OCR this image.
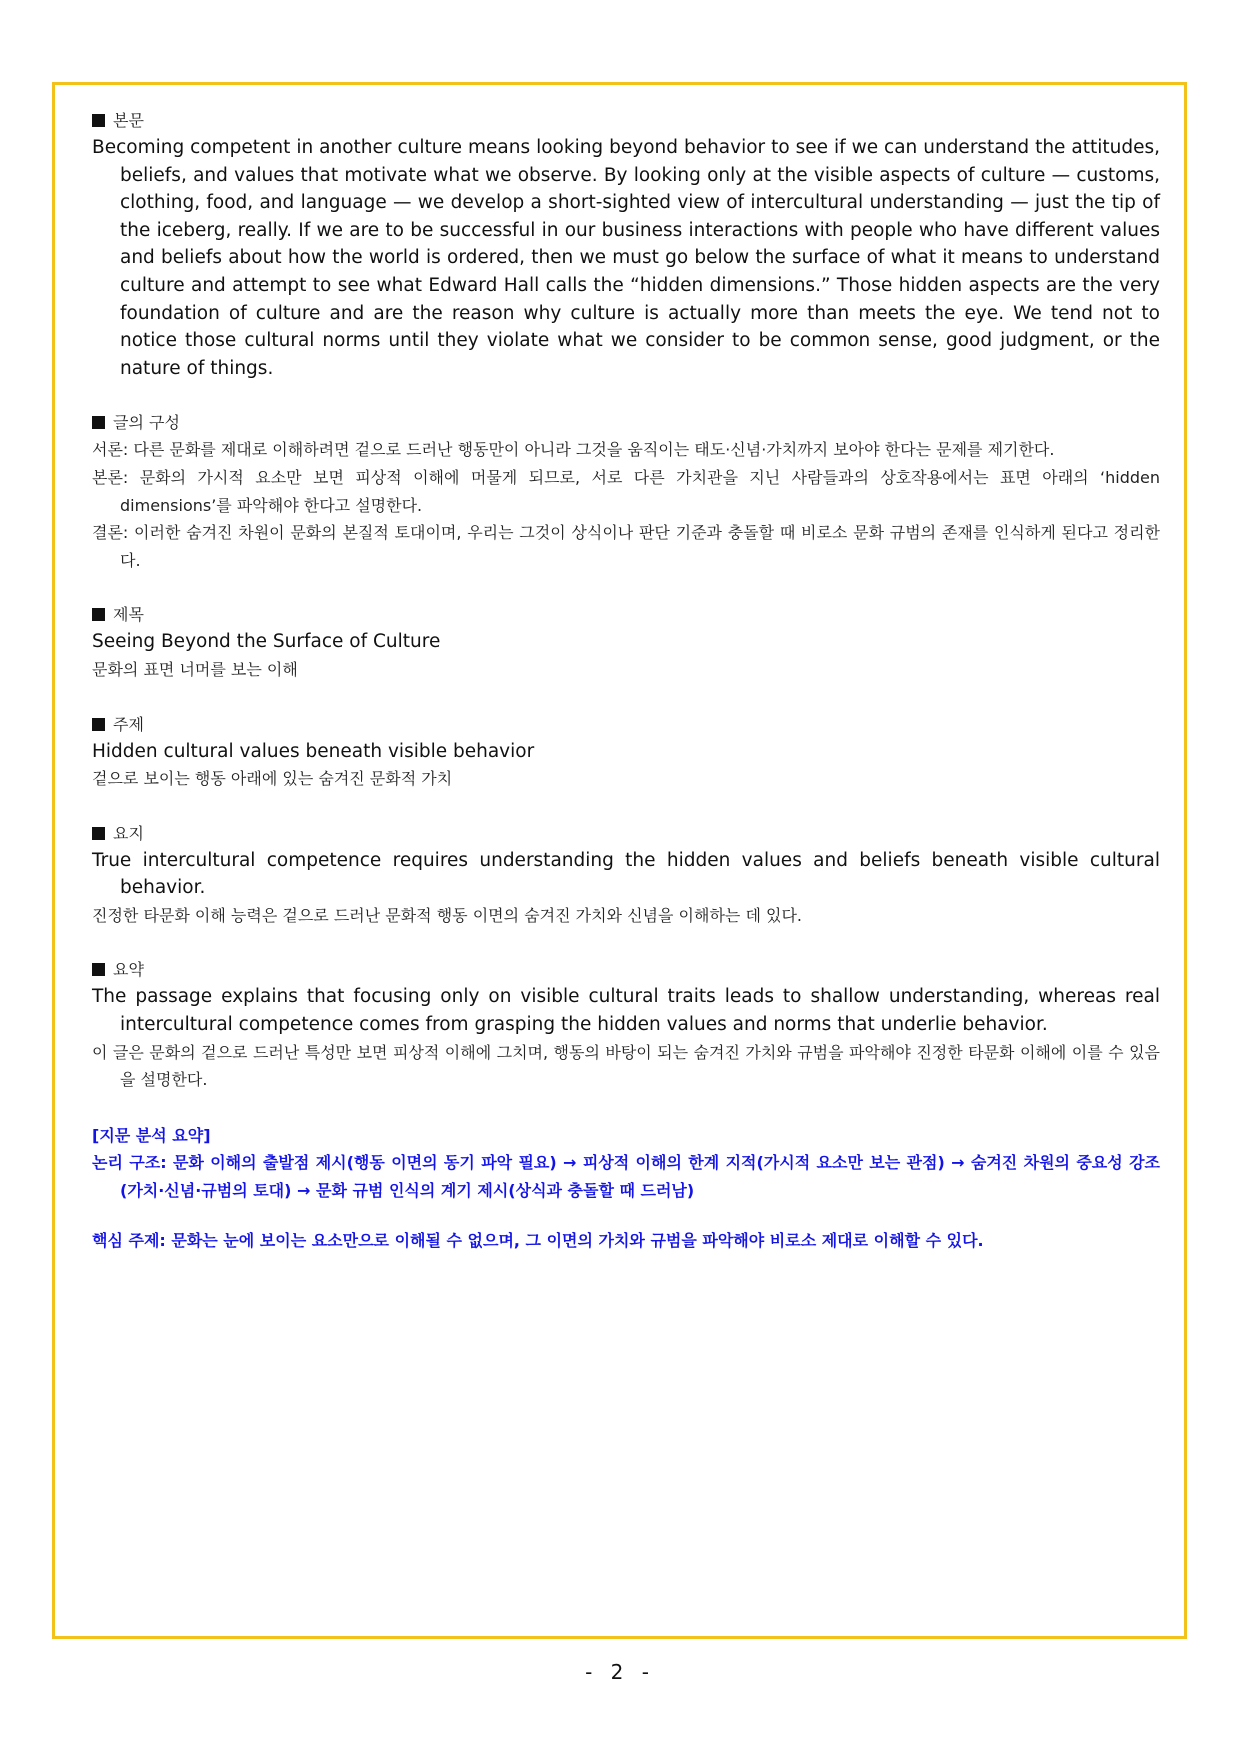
본문
Becoming competent in another culture means looking beyond behavior to see if we can understand the attitudes, beliefs, and values that motivate what we observe. By looking only at the visible aspects of culture — customs, clothing, food, and language — we develop a short-sighted view of intercultural understanding — just the tip of the iceberg, really. If we are to be successful in our business interactions with people who have different values and beliefs about how the world is ordered, then we must go below the surface of what it means to understand culture and attempt to see what Edward Hall calls the “hidden dimensions.” Those hidden aspects are the very foundation of culture and are the reason why culture is actually more than meets the eye. We tend not to notice those cultural norms until they violate what we consider to be common sense, good judgment, or the nature of things.
글의 구성
서론: 다른 문화를 제대로 이해하려면 겉으로 드러난 행동만이 아니라 그것을 움직이는 태도·신념·가치까지 보아야 한다는 문제를 제기한다.
본론: 문화의 가시적 요소만 보면 피상적 이해에 머물게 되므로, 서로 다른 가치관을 지닌 사람들과의 상호작용에서는 표면 아래의 ‘hidden dimensions’를 파악해야 한다고 설명한다.
결론: 이러한 숨겨진 차원이 문화의 본질적 토대이며, 우리는 그것이 상식이나 판단 기준과 충돌할 때 비로소 문화 규범의 존재를 인식하게 된다고 정리한다.
제목
Seeing Beyond the Surface of Culture
문화의 표면 너머를 보는 이해
주제
Hidden cultural values beneath visible behavior
겉으로 보이는 행동 아래에 있는 숨겨진 문화적 가치
요지
True intercultural competence requires understanding the hidden values and beliefs beneath visible cultural behavior.
진정한 타문화 이해 능력은 겉으로 드러난 문화적 행동 이면의 숨겨진 가치와 신념을 이해하는 데 있다.
요약
The passage explains that focusing only on visible cultural traits leads to shallow understanding, whereas real intercultural competence comes from grasping the hidden values and norms that underlie behavior.
이 글은 문화의 겉으로 드러난 특성만 보면 피상적 이해에 그치며, 행동의 바탕이 되는 숨겨진 가치와 규범을 파악해야 진정한 타문화 이해에 이를 수 있음을 설명한다.
[지문 분석 요약]
논리 구조: 문화 이해의 출발점 제시(행동 이면의 동기 파악 필요) → 피상적 이해의 한계 지적(가시적 요소만 보는 관점) → 숨겨진 차원의 중요성 강조(가치·신념·규범의 토대) → 문화 규범 인식의 계기 제시(상식과 충돌할 때 드러남)
핵심 주제: 문화는 눈에 보이는 요소만으로 이해될 수 없으며, 그 이면의 가치와 규범을 파악해야 비로소 제대로 이해할 수 있다.
- 2 -
